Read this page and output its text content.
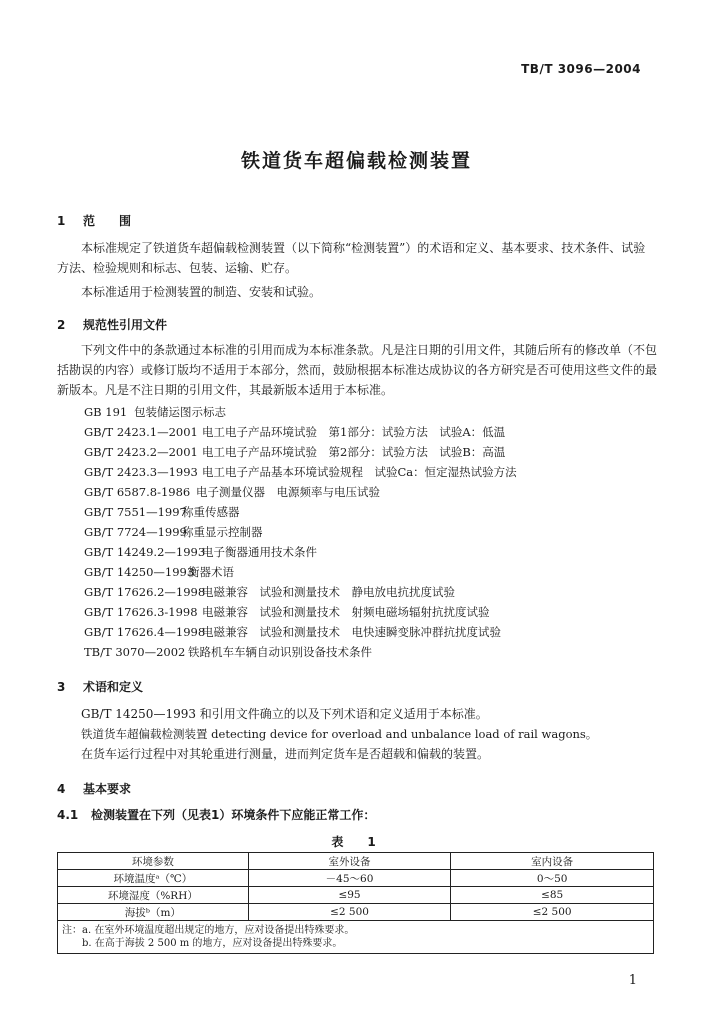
TB/T 3096—2004
铁道货车超偏载检测装置
1 范　　围
本标准规定了铁道货车超偏载检测装置（以下简称“检测装置”）的术语和定义、基本要求、技术条件、试验方法、检验规则和标志、包装、运输、贮存。
本标准适用于检测装置的制造、安装和试验。
2 规范性引用文件
下列文件中的条款通过本标准的引用而成为本标准条款。凡是注日期的引用文件，其随后所有的修改单（不包括勘误的内容）或修订版均不适用于本部分，然而，鼓励根据本标准达成协议的各方研究是否可使用这些文件的最新版本。凡是不注日期的引用文件，其最新版本适用于本标准。
GB 191 包装储运图示标志
GB/T 2423.1—2001 电工电子产品环境试验　第1部分：试验方法　试验A：低温
GB/T 2423.2—2001 电工电子产品环境试验　第2部分：试验方法　试验B：高温
GB/T 2423.3—1993 电工电子产品基本环境试验规程　试验Ca：恒定湿热试验方法
GB/T 6587.8-1986 电子测量仪器　电源频率与电压试验
GB/T 7551—1997称重传感器
GB/T 7724—1999称重显示控制器
GB/T 14249.2—1993电子衡器通用技术条件
GB/T 14250—1993衡器术语
GB/T 17626.2—1998电磁兼容　试验和测量技术　静电放电抗扰度试验
GB/T 17626.3-1998 电磁兼容　试验和测量技术　射频电磁场辐射抗扰度试验
GB/T 17626.4—1998电磁兼容　试验和测量技术　电快速瞬变脉冲群抗扰度试验
TB/T 3070—2002 铁路机车车辆自动识别设备技术条件
3 术语和定义
GB/T 14250—1993 和引用文件确立的以及下列术语和定义适用于本标准。
铁道货车超偏载检测装置 detecting device for overload and unbalance load of rail wagons。
在货车运行过程中对其轮重进行测量，进而判定货车是否超载和偏载的装置。
4 基本要求
4.1 检测装置在下列（见表1）环境条件下应能正常工作：
表　1
环境参数	室外设备	室内设备
环境温度ᵃ（℃）	－45～60	0～50
环境湿度（%RH）	≤95	≤85
海拔ᵇ（m）	≤2 500	≤2 500

注：a. 在室外环境温度超出规定的地方，应对设备提出特殊要求。
　　b. 在高于海拔 2 500 m 的地方，应对设备提出特殊要求。		
1
